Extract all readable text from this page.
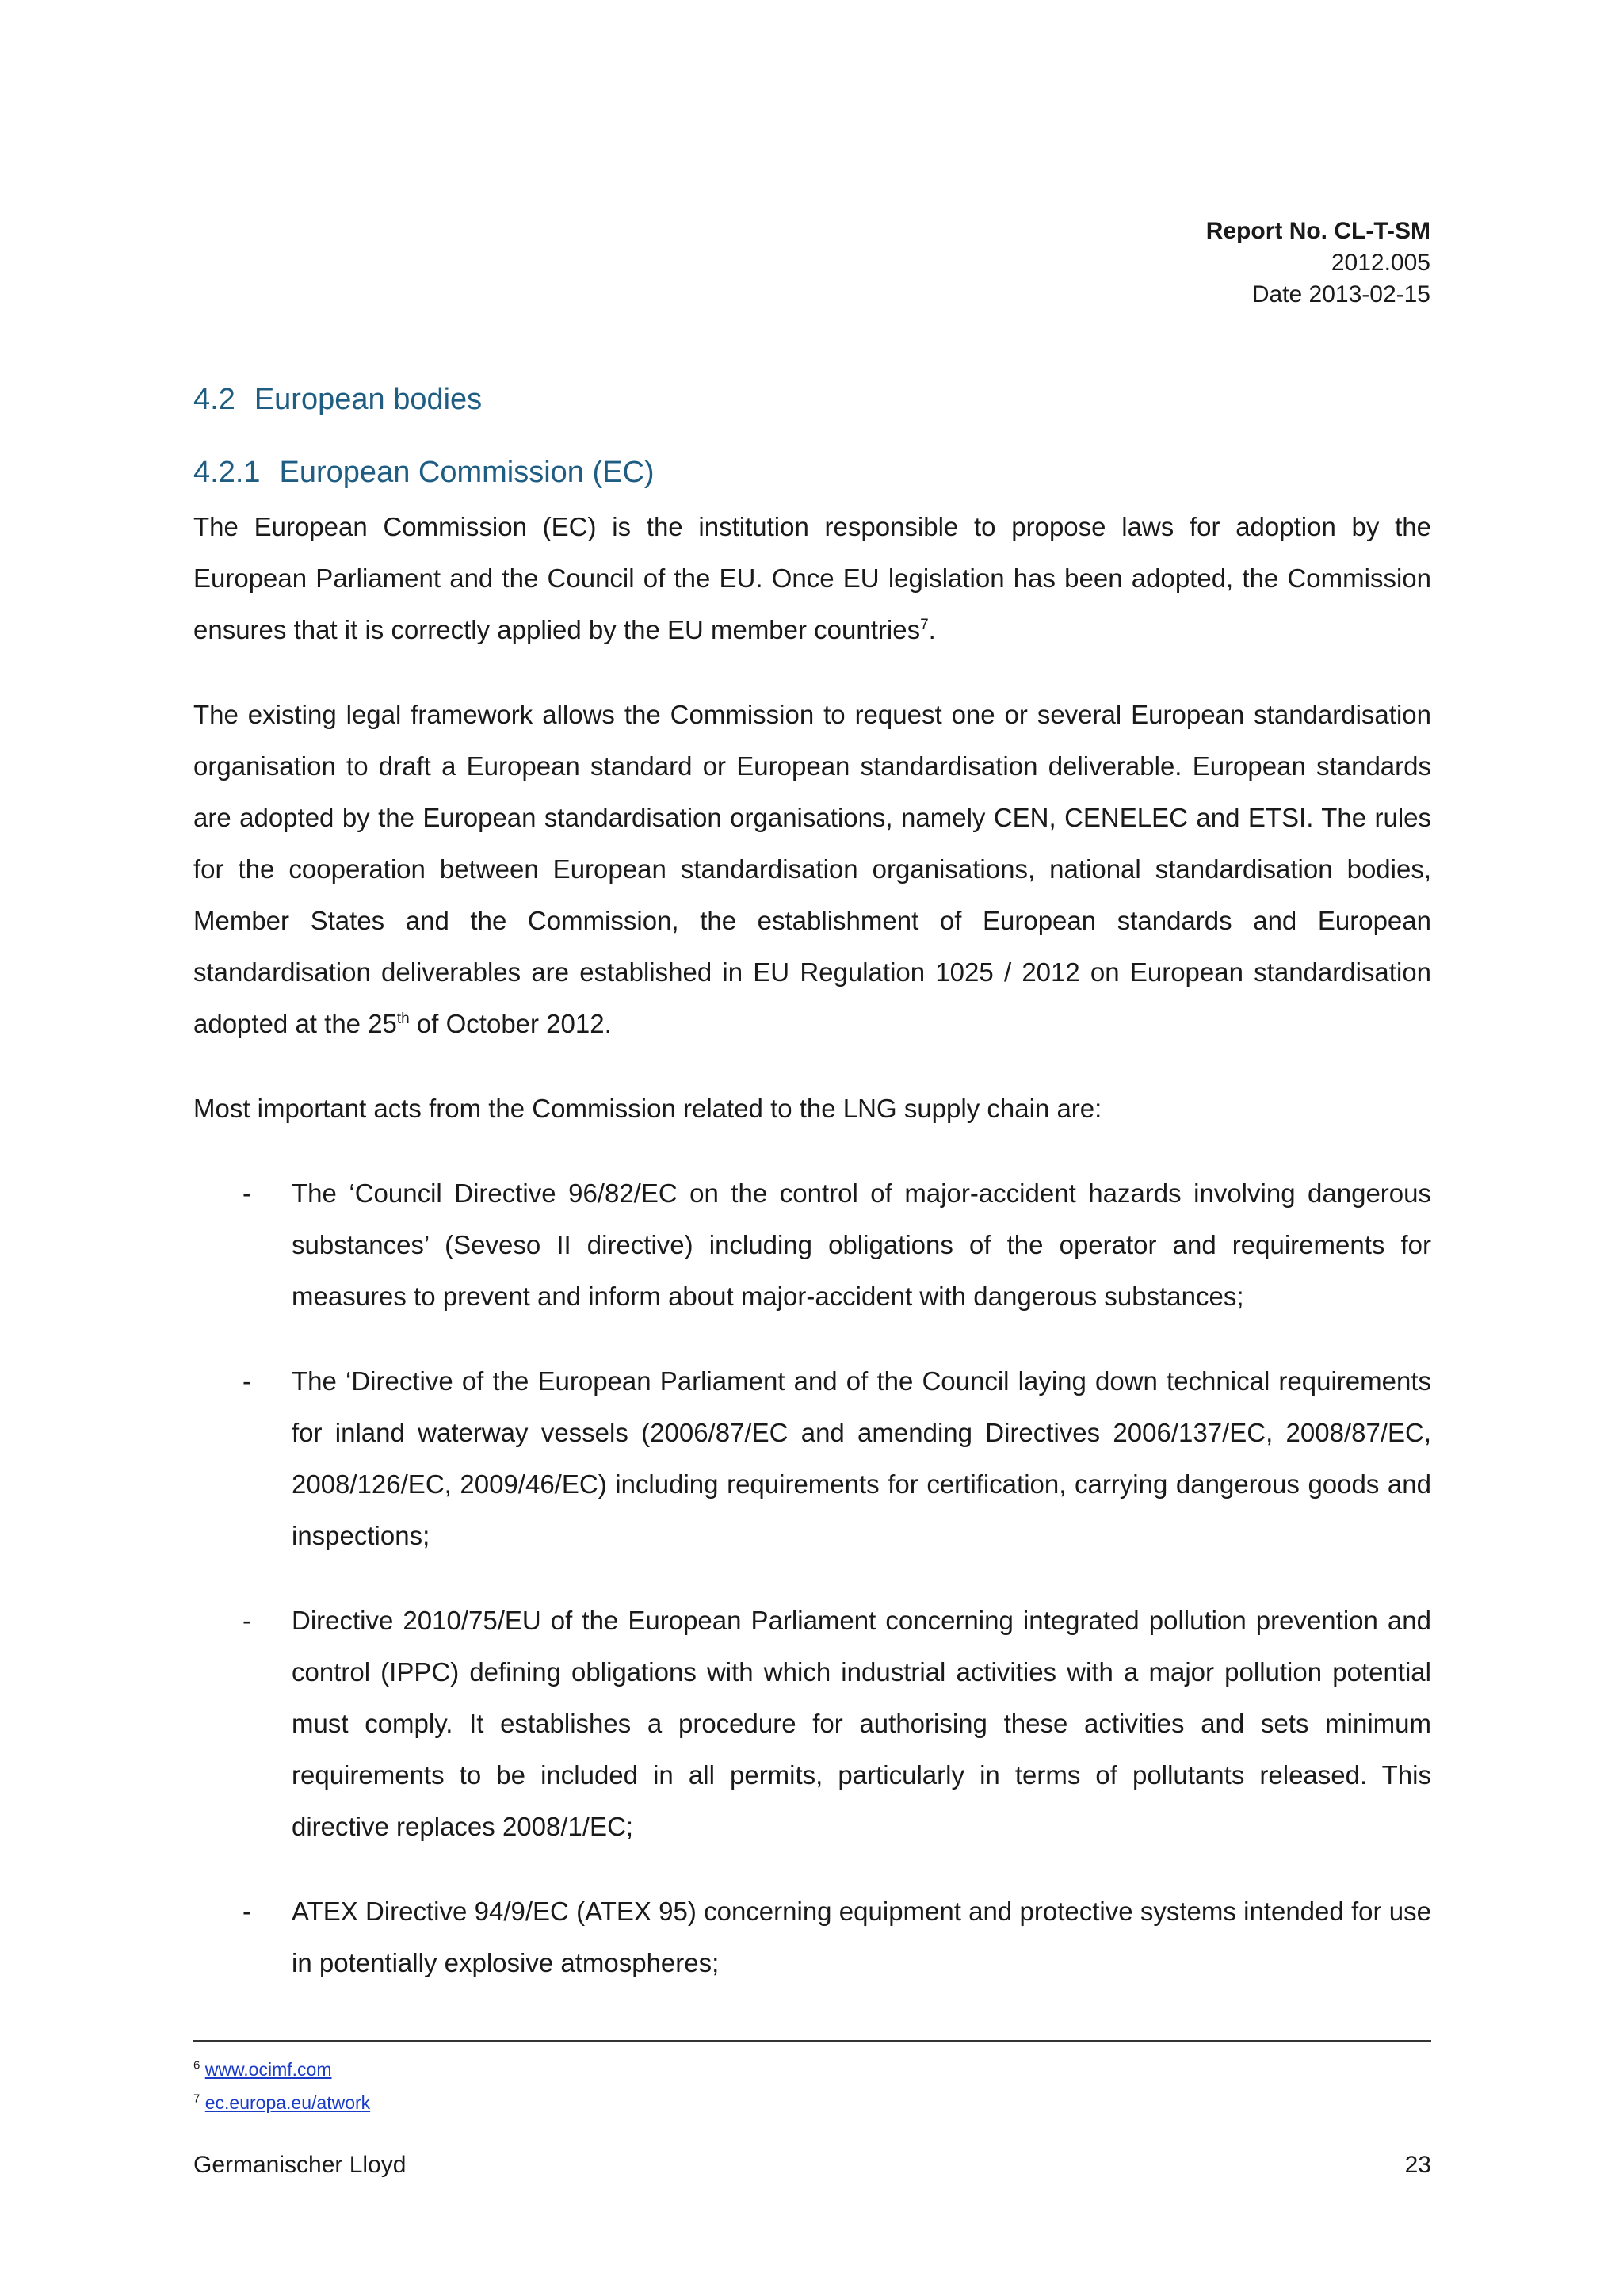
Report No. CL-T-SM
2012.005
Date 2013-02-15
4.2 European bodies
4.2.1 European Commission (EC)

The European Commission (EC) is the institution responsible to propose laws for adoption by the European Parliament and the Council of the EU. Once EU legislation has been adopted, the Commission ensures that it is correctly applied by the EU member countries$^7$.

The existing legal framework allows the Commission to request one or several European standardisation organisation to draft a European standard or European standardisation deliverable. European standards are adopted by the European standardisation organisations, namely CEN, CENELEC and ETSI. The rules for the cooperation between European standardisation organisations, national standardisation bodies, Member States and the Commission, the establishment of European standards and European standardisation deliverables are established in EU Regulation 1025 / 2012 on European standardisation adopted at the 25th of October 2012.

Most important acts from the Commission related to the LNG supply chain are:

- The ‘Council Directive 96/82/EC on the control of major-accident hazards involving dangerous substances’ (Seveso II directive) including obligations of the operator and requirements for measures to prevent and inform about major-accident with dangerous substances;
- The ‘Directive of the European Parliament and of the Council laying down technical requirements for inland waterway vessels (2006/87/EC and amending Directives 2006/137/EC, 2008/87/EC, 2008/126/EC, 2009/46/EC) including requirements for certification, carrying dangerous goods and inspections;
- Directive 2010/75/EU of the European Parliament concerning integrated pollution prevention and control (IPPC) defining obligations with which industrial activities with a major pollution potential must comply. It establishes a procedure for authorising these activities and sets minimum requirements to be included in all permits, particularly in terms of pollutants released. This directive replaces 2008/1/EC;
- ATEX Directive 94/9/EC (ATEX 95) concerning equipment and protective systems intended for use in potentially explosive atmospheres;
$^6$ www.ocimf.com
$^7$ ec.europa.eu/atwork
Germanischer Lloyd	23
